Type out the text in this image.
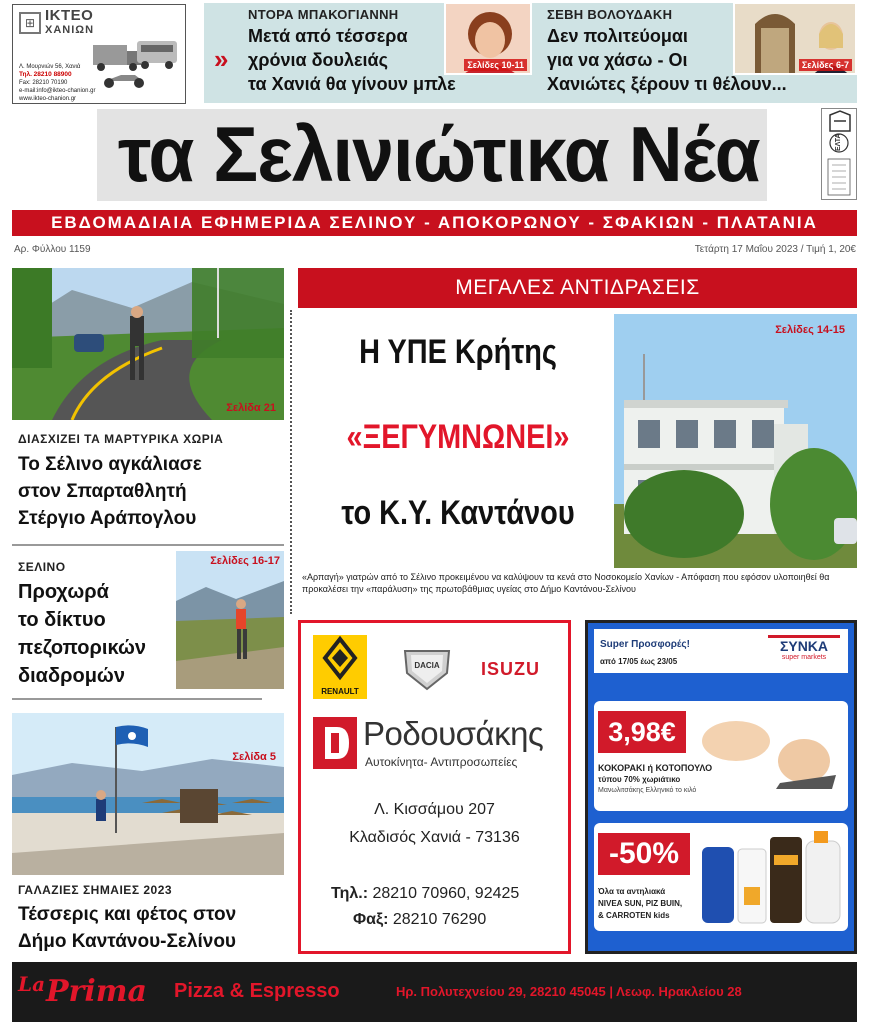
⊞ ΙΚΤΕΟ
ΧΑΝΙΩΝ
Λ. Μουρνιών 56, Χανιά
Τηλ. 28210 88900
Fax: 28210 70190
e-mail:info@ikteo-chanion.gr
www.ikteo-chanion.gr
»
ΝΤΟΡΑ ΜΠΑΚΟΓΙΑΝΝΗ
Μετά από τέσσερα
χρόνια δουλειάς
τα Χανιά θα γίνουν μπλε
Σελίδες 10-11
ΣΕΒΗ ΒΟΛΟΥΔΑΚΗ
Δεν πολιτεύομαι
για να χάσω - Οι
Χανιώτες ξέρουν τι θέλουν...
Σελίδες 6-7
τα Σελινιώτικα Νέα	ΕΛΤΑ
ΕΒΔΟΜΑΔΙΑΙΑ ΕΦΗΜΕΡΙΔΑ ΣΕΛΙΝΟΥ - ΑΠΟΚΟΡΩΝΟΥ - ΣΦΑΚΙΩΝ - ΠΛΑΤΑΝΙΑ
Αρ. Φύλλου 1159	Τετάρτη 17 Μαΐου 2023 / Τιμή 1, 20€
Σελίδα 21
ΔΙΑΣΧΙΖΕΙ ΤΑ ΜΑΡΤΥΡΙΚΑ ΧΩΡΙΑ
Το Σέλινο αγκάλιασε
στον Σπαρταθλητή
Στέργιο Αράπογλου
ΣΕΛΙΝΟ
Προχωρά
το δίκτυο
πεζοπορικών
διαδρομών
Σελίδες 16-17
Σελίδα 5
ΓΑΛΑΖΙΕΣ ΣΗΜΑΙΕΣ 2023
Τέσσερις και φέτος στον
Δήμο Καντάνου-Σελίνου
ΜΕΓΑΛΕΣ ΑΝΤΙΔΡΑΣΕΙΣ
Η ΥΠΕ Κρήτης
«ΞΕΓΥΜΝΩΝΕΙ»
το Κ.Υ. Καντάνου
Σελίδες 14-15
«Αρπαγή» γιατρών από το Σέλινο προκειμένου να καλύψουν τα κενά στο Νοσοκομείο Χανίων - Απόφαση που εφόσον υλοποιηθεί θα προκαλέσει την «παράλυση» της πρωτοβάθμιας υγείας στο Δήμο Καντάνου-Σελίνου
RENAULT
DACIA	ISUZU
Ροδουσάκης
Αυτοκίνητα- Αντιπροσωπείες
Λ. Κισσάμου 207
Κλαδισός Χανιά - 73136
Τηλ.: 28210 70960, 92425
Φαξ: 28210 76290
Super Προσφορές!
από 17/05 έως 23/05
ΣΥΝΚΑ
super markets
3,98€
ΚΟΚΟΡΑΚΙ ή ΚΟΤΟΠΟΥΛΟ
τύπου 70% χωριάτικο
Μανωλιτσάκης Ελληνικό το κιλό
-50%
Όλα τα αντηλιακά
NIVEA SUN, PIZ BUIN,
& CARROTEN kids
La Prima Pizza & Espresso	Ηρ. Πολυτεχνείου 29, 28210 45045 | Λεωφ. Ηρακλείου 28
